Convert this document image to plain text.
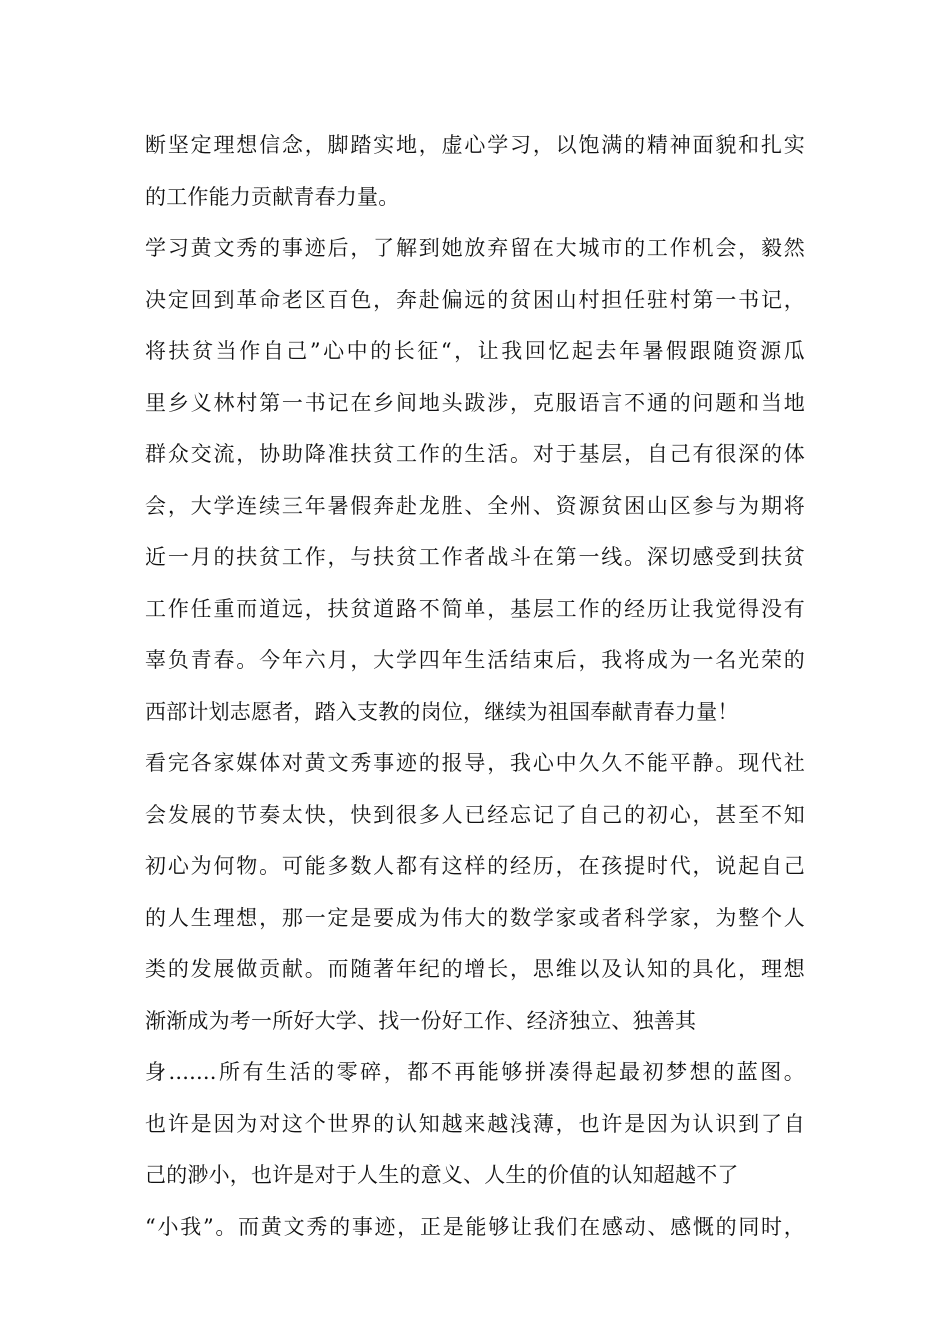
断坚定理想信念，脚踏实地，虚心学习，以饱满的精神面貌和扎实
的工作能力贡献青春力量。
学习黄文秀的事迹后，了解到她放弃留在大城市的工作机会，毅然
决定回到革命老区百色，奔赴偏远的贫困山村担任驻村第一书记，
将扶贫当作自己”心中的长征“，让我回忆起去年暑假跟随资源瓜
里乡义林村第一书记在乡间地头跋涉，克服语言不通的问题和当地
群众交流，协助降准扶贫工作的生活。对于基层，自己有很深的体
会，大学连续三年暑假奔赴龙胜、全州、资源贫困山区参与为期将
近一月的扶贫工作，与扶贫工作者战斗在第一线。深切感受到扶贫
工作任重而道远，扶贫道路不简单，基层工作的经历让我觉得没有
辜负青春。今年六月，大学四年生活结束后，我将成为一名光荣的
西部计划志愿者，踏入支教的岗位，继续为祖国奉献青春力量！
看完各家媒体对黄文秀事迹的报导，我心中久久不能平静。现代社
会发展的节奏太快，快到很多人已经忘记了自己的初心，甚至不知
初心为何物。可能多数人都有这样的经历，在孩提时代，说起自己
的人生理想，那一定是要成为伟大的数学家或者科学家，为整个人
类的发展做贡献。而随著年纪的增长，思维以及认知的具化，理想
渐渐成为考一所好大学、找一份好工作、经济独立、独善其
身.......所有生活的零碎，都不再能够拼凑得起最初梦想的蓝图。
也许是因为对这个世界的认知越来越浅薄，也许是因为认识到了自
己的渺小，也许是对于人生的意义、人生的价值的认知超越不了
“小我”。而黄文秀的事迹，正是能够让我们在感动、感慨的同时，
